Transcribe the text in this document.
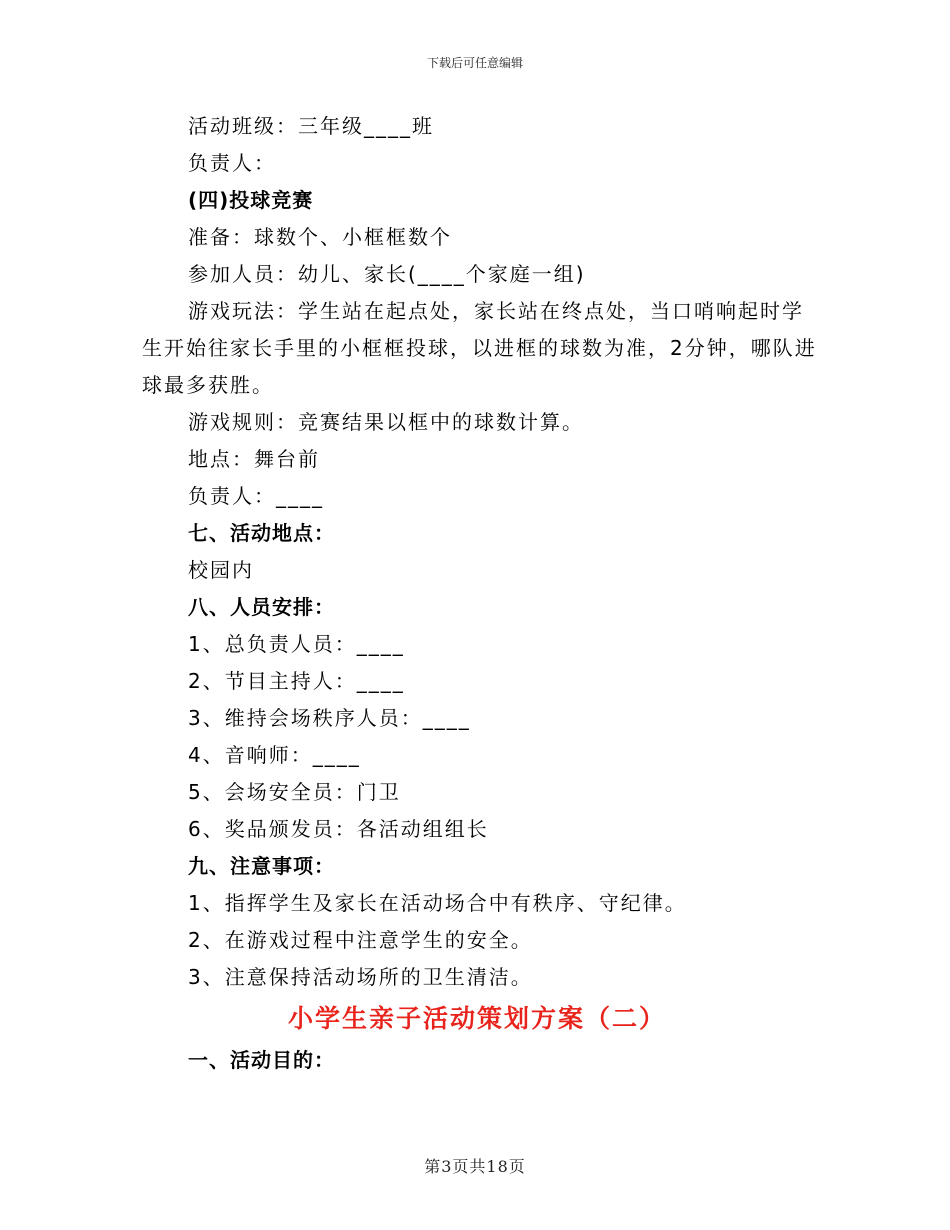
下载后可任意编辑
活动班级：三年级____班
负责人：
(四)投球竞赛
准备：球数个、小框框数个
参加人员：幼儿、家长(____个家庭一组)
游戏玩法：学生站在起点处，家长站在终点处，当口哨响起时学
生开始往家长手里的小框框投球，以进框的球数为准，2分钟，哪队进
球最多获胜。
游戏规则：竞赛结果以框中的球数计算。
地点：舞台前
负责人：____
七、活动地点：
校园内
八、人员安排：
1、总负责人员：____
2、节目主持人：____
3、维持会场秩序人员：____
4、音响师：____
5、会场安全员：门卫
6、奖品颁发员：各活动组组长
九、注意事项：
1、指挥学生及家长在活动场合中有秩序、守纪律。
2、在游戏过程中注意学生的安全。
3、注意保持活动场所的卫生清洁。
小学生亲子活动策划方案（二）
一、活动目的：
第3页共18页
